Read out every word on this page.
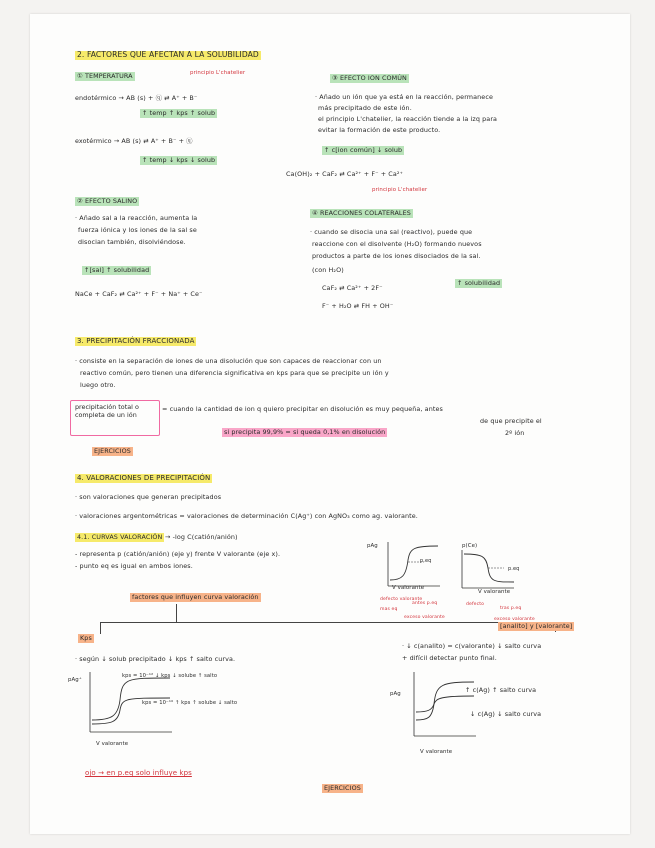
2. FACTORES QUE AFECTAN A LA SOLUBILIDAD
① TEMPERATURA	principio L'chatelier
endotérmico → AB (s) + ⓠ ⇄ A⁺ + B⁻
↑ temp ↑ kps ↑ solub
exotérmico → AB (s) ⇄ A⁺ + B⁻ + ⓠ
↑ temp ↓ kps ↓ solub
③ EFECTO ION COMÚN
· Añado un ión que ya está en la reacción, permanece
más precipitado de este ión.
el principio L'chatelier, la reacción tiende a la izq para
evitar la formación de este producto.
↑ c[ion común] ↓ solub
Ca(OH)₂ + CaF₂ ⇄ Ca²⁺ + F⁻ + Ca²⁺
principio L'chatelier
② EFECTO SALINO
· Añado sal a la reacción, aumenta la
fuerza iónica y los iones de la sal se
disocian también, disolviéndose.
↑[sal] ↑ solubilidad
NaCe + CaF₂ ⇄ Ca²⁺ + F⁻ + Na⁺ + Ce⁻
④ REACCIONES COLATERALES
· cuando se disocia una sal (reactivo), puede que
reaccione con el disolvente (H₂O) formando nuevos
productos a parte de los iones disociados de la sal.
(con H₂O)
↑ solubilidad
CaF₂ ⇄ Ca²⁺ + 2F⁻
F⁻ + H₂O ⇄ FH + OH⁻
3. PRECIPITACIÓN FRACCIONADA
· consiste en la separación de iones de una disolución que son capaces de reaccionar con un
reactivo común, pero tienen una diferencia significativa en kps para que se precipite un ión y
luego otro.
precipitación total o completa de un ión
= cuando la cantidad de ion q quiero precipitar en disolución es muy pequeña, antes
de que precipite el
2º ión
si precipita 99,9% = si queda 0,1% en disolución
EJERCICIOS
4. VALORACIONES DE PRECIPITACIÓN
· son valoraciones que generan precipitados
· valoraciones argentométricas = valoraciones de determinación C(Ag⁺) con AgNO₃ como ag. valorante.
4.1. CURVAS VALORACIÓN → -log C(catión/anión)
- representa p (catión/anión) (eje y) frente V valorante (eje x).
- punto eq es igual en ambos iones.
pAg
p.eq
p(Ce)
p.eq
V valorante
V valorante
defecto valorante
antes p.eq
mas eq
exceso valorante
defecto
tras p.eq
exceso valorante
factores que influyen curva valoración
Kps
· según ↓ solub precipitado ↓ kps ↑ salto curva.
pAg⁺
kps = 10⁻¹² ↓ kps ↓ solube ↑ salto
kps = 10⁻¹⁰ ↑ kps ↑ solube ↓ salto
V valorante
[analito] y [valorante]
· ↓ c(analito) = c(valorante) ↓ salto curva
+ difícil detectar punto final.
pAg	↑ c(Ag) ↑ salto curva
↓ c(Ag) ↓ salto curva
V valorante
ojo → en p.eq solo influye kps
EJERCICIOS
